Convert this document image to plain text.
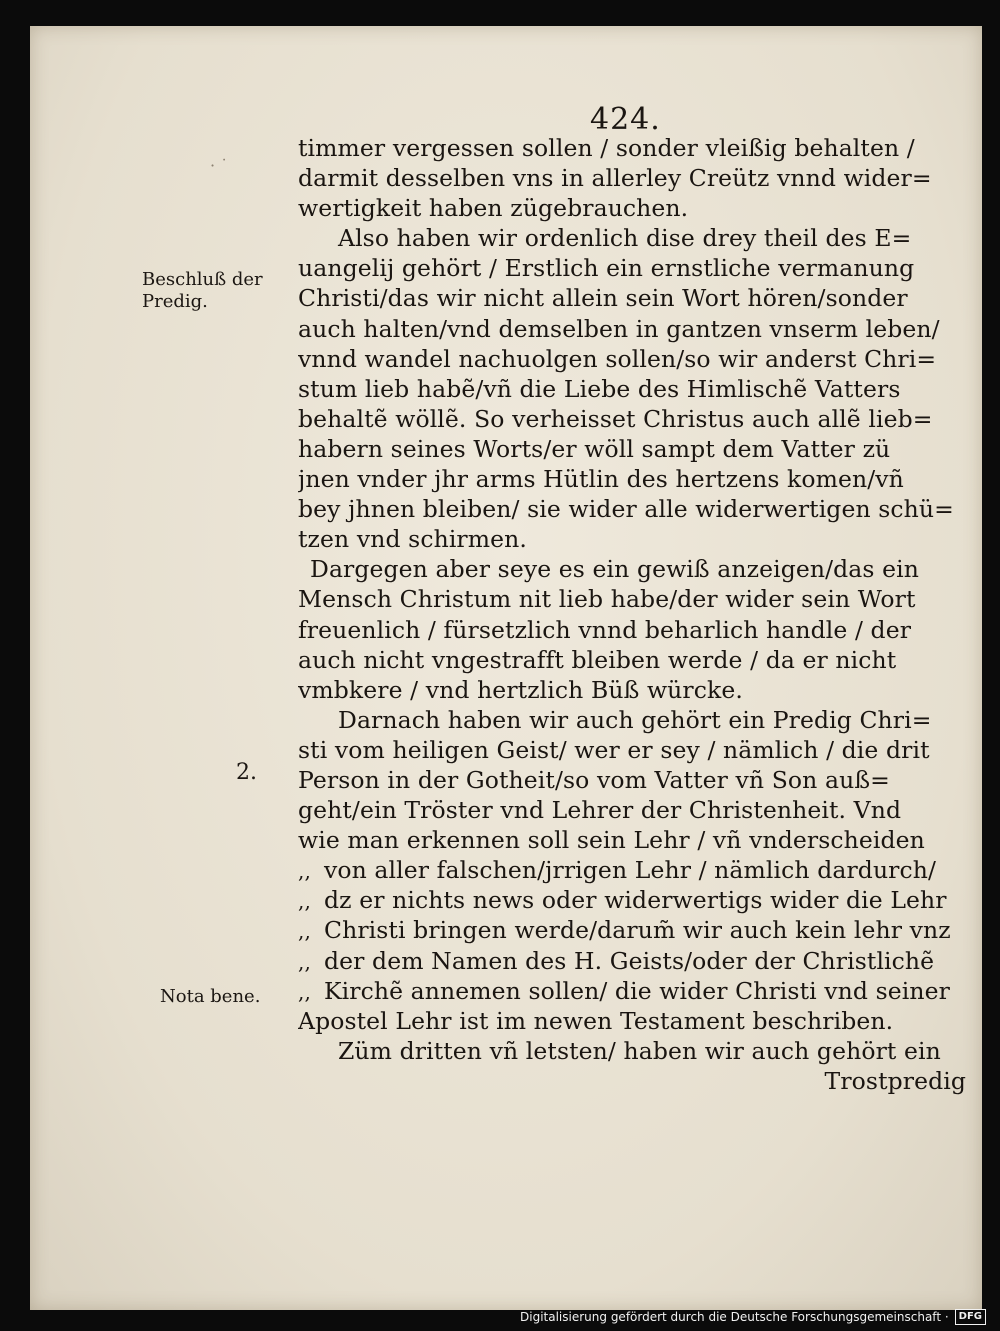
· ˙
424.
Beschluß der
Predig.
2.
Nota bene.
timmer vergessen sollen / sonder vleißig behalten /
darmit desselben vns in allerley Creütz vnnd wider=
wertigkeit haben zügebrauchen.
Also haben wir ordenlich dise drey theil des E=
uangelij gehört / Erstlich ein ernstliche vermanung
Christi/das wir nicht allein sein Wort hören/sonder
auch halten/vnd demselben in gantzen vnserm leben/
vnnd wandel nachuolgen sollen/so wir anderst Chri=
stum lieb habẽ/vñ die Liebe des Himlischẽ Vatters
behaltẽ wöllẽ. So verheisset Christus auch allẽ lieb=
habern seines Worts/er wöll sampt dem Vatter zü
jnen vnder jhr arms Hütlin des hertzens komen/vñ
bey jhnen bleiben/ sie wider alle widerwertigen schü=
tzen vnd schirmen.
Dargegen aber seye es ein gewiß anzeigen/das ein
Mensch Christum nit lieb habe/der wider sein Wort
freuenlich / fürsetzlich vnnd beharlich handle / der
auch nicht vngestrafft bleiben werde / da er nicht
vmbkere / vnd hertzlich Büß würcke.
Darnach haben wir auch gehört ein Predig Chri=
sti vom heiligen Geist/ wer er sey / nämlich / die drit
Person in der Gotheit/so vom Vatter vñ Son auß=
geht/ein Tröster vnd Lehrer der Christenheit. Vnd
wie man erkennen soll sein Lehr / vñ vnderscheiden
,, von aller falschen/jrrigen Lehr / nämlich dardurch/
,, dz er nichts news oder widerwertigs wider die Lehr
,, Christi bringen werde/darum̃ wir auch kein lehr vnz
,, der dem Namen des H. Geists/oder der Christlichẽ
,, Kirchẽ annemen sollen/ die wider Christi vnd seiner
Apostel Lehr ist im newen Testament beschriben.
Züm dritten vñ letsten/ haben wir auch gehört ein
Trostpredig
Digitalisierung gefördert durch die Deutsche Forschungsgemeinschaft ·	DFG
